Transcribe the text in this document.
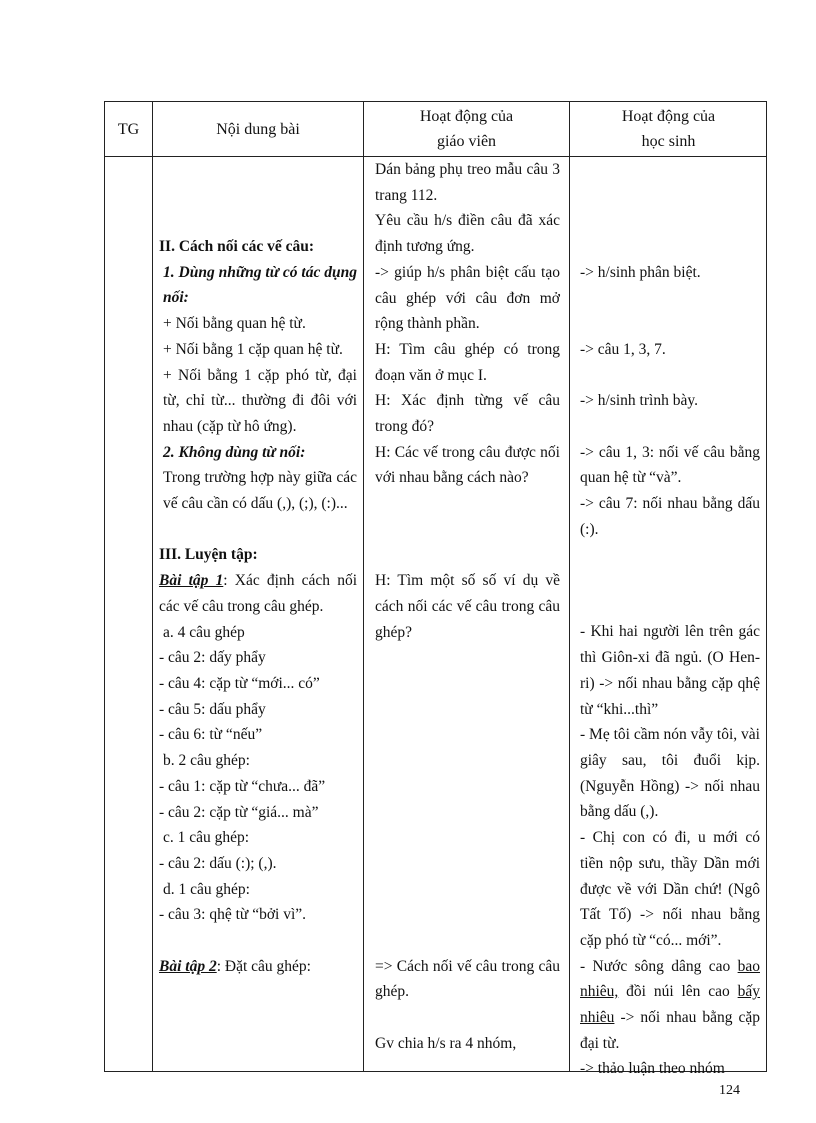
TG	Nội dung bài
Hoạt động của
giáo viên
Hoạt động của
học sinh

II. Cách nối các vế câu:

1. Dùng những từ có tác dụng nối:

+ Nối bằng quan hệ từ.

+ Nối bằng 1 cặp quan hệ từ.

+ Nối bằng 1 cặp phó từ, đại từ, chỉ từ... thường đi đôi với nhau (cặp từ hô ứng).

2. Không dùng từ nối:

Trong trường hợp này giữa các vế câu cần có dấu (,), (;), (:)...

III. Luyện tập:

Bài tập 1: Xác định cách nối các vế câu trong câu ghép.

a. 4 câu ghép

- câu 2: dấy phẩy

- câu 4: cặp từ “mới... có”

- câu 5: dấu phẩy

- câu 6: từ “nếu”

b. 2 câu ghép:

- câu 1: cặp từ “chưa... đã”

- câu 2: cặp từ “giá... mà”

c. 1 câu ghép:

- câu 2: dấu (:); (,).

d. 1 câu ghép:

- câu 3: qhệ từ “bởi vì”.

Bài tập 2: Đặt câu ghép:

Dán bảng phụ treo mẫu câu 3 trang 112.

Yêu cầu h/s điền câu đã xác định tương ứng.

-> giúp h/s phân biệt cấu tạo câu ghép với câu đơn mở rộng thành phần.

H: Tìm câu ghép có trong đoạn văn ở mục I.

H: Xác định từng vế câu trong đó?

H: Các vế trong câu được nối với nhau bằng cách nào?

H: Tìm một số số ví dụ về cách nối các vế câu trong câu ghép?

=> Cách nối vế câu trong câu ghép.

Gv chia h/s ra 4 nhóm,

-> h/sinh phân biệt.

-> câu 1, 3, 7.

-> h/sinh trình bày.

-> câu 1, 3: nối vế câu bằng quan hệ từ “và”.

-> câu 7: nối nhau bằng dấu (:).

- Khi hai người lên trên gác thì Giôn-xi đã ngủ. (O Hen-ri) -> nối nhau bằng cặp qhệ từ “khi...thì”

- Mẹ tôi cầm nón vẫy tôi, vài giây sau, tôi đuổi kịp. (Nguyễn Hồng) -> nối nhau bằng dấu (,).

- Chị con có đi, u mới có tiền nộp sưu, thầy Dần mới được về với Dần chứ! (Ngô Tất Tố) -> nối nhau bằng cặp phó từ “có... mới”.

- Nước sông dâng cao bao nhiêu, đồi núi lên cao bấy nhiêu -> nối nhau bằng cặp đại từ.

-> thảo luận theo nhóm

124
